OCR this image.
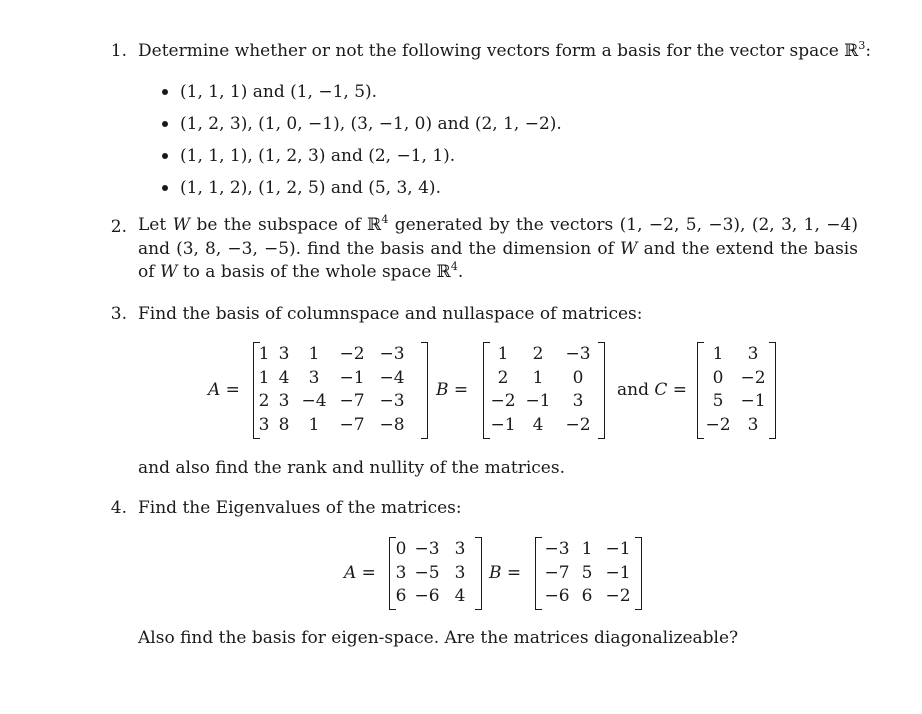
1. Determine whether or not the following vectors form a basis for the vector space ℝ$^3$:
(1, 1, 1) and (1, −1, 5).
(1, 2, 3), (1, 0, −1), (3, −1, 0) and (2, 1, −2).
(1, 1, 1), (1, 2, 3) and (2, −1, 1).
(1, 1, 2), (1, 2, 5) and (5, 3, 4).
2. Let W be the subspace of ℝ$^4$ generated by the vectors (1, −2, 5, −3), (2, 3, 1, −4) and (3, 8, −3, −5). find the basis and the dimension of W and the extend the basis of W to a basis of the whole space ℝ$^4$.
3. Find the basis of columnspace and nullaspace of matrices:
A =
1	3	1	−2	−3
1	4	3	−1	−4
2	3	−4	−7	−3
3	8	1	−7	−8
B =
1	2	−3
2	1	0
−2	−1	3
−1	4	−2
and C =
1	3
0	−2
5	−1
−2	3
and also find the rank and nullity of the matrices.
4. Find the Eigenvalues of the matrices:
A =
0	−3	3
3	−5	3
6	−6	4
B =
−3	1	−1
−7	5	−1
−6	6	−2
Also find the basis for eigen-space. Are the matrices diagonalizeable?
